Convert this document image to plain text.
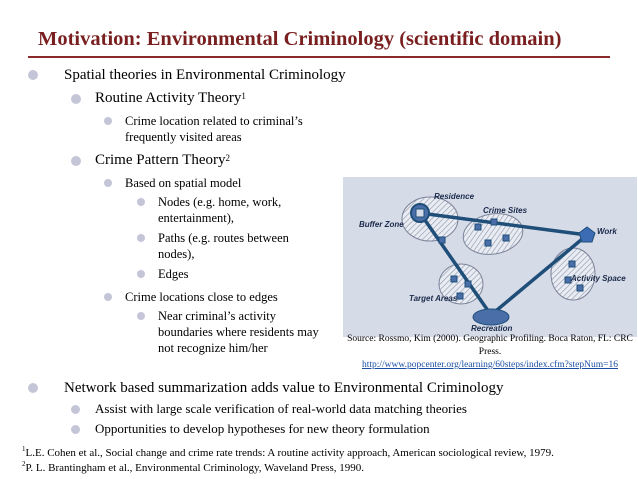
Motivation: Environmental Criminology (scientific domain)
Spatial theories in Environmental Criminology
Routine Activity Theory$^1$
Crime location related to criminal’s
frequently visited areas
Crime Pattern Theory$^2$
Based on spatial model
Nodes (e.g. home, work,
entertainment),
Paths (e.g. routes between
nodes),
Edges
Crime locations close to edges
Near criminal’s activity
boundaries where residents may
not recognize him/her
Network based summarization adds value to Environmental Criminology
Assist with large scale verification of real-world data matching theories
Opportunities to develop hypotheses for new theory formulation
Residence
Crime Sites
Buffer Zone
Work
Activity Space
Target Areas
Recreation
Source: Rossmo, Kim (2000). Geographic Profiling. Boca Raton, FL: CRC Press.
http://www.popcenter.org/learning/60steps/index.cfm?stepNum=16
$^1$L.E. Cohen et al., Social change and crime rate trends: A routine activity approach, American sociological review, 1979.
$^2$P. L. Brantingham et al., Environmental Criminology, Waveland Press, 1990.
